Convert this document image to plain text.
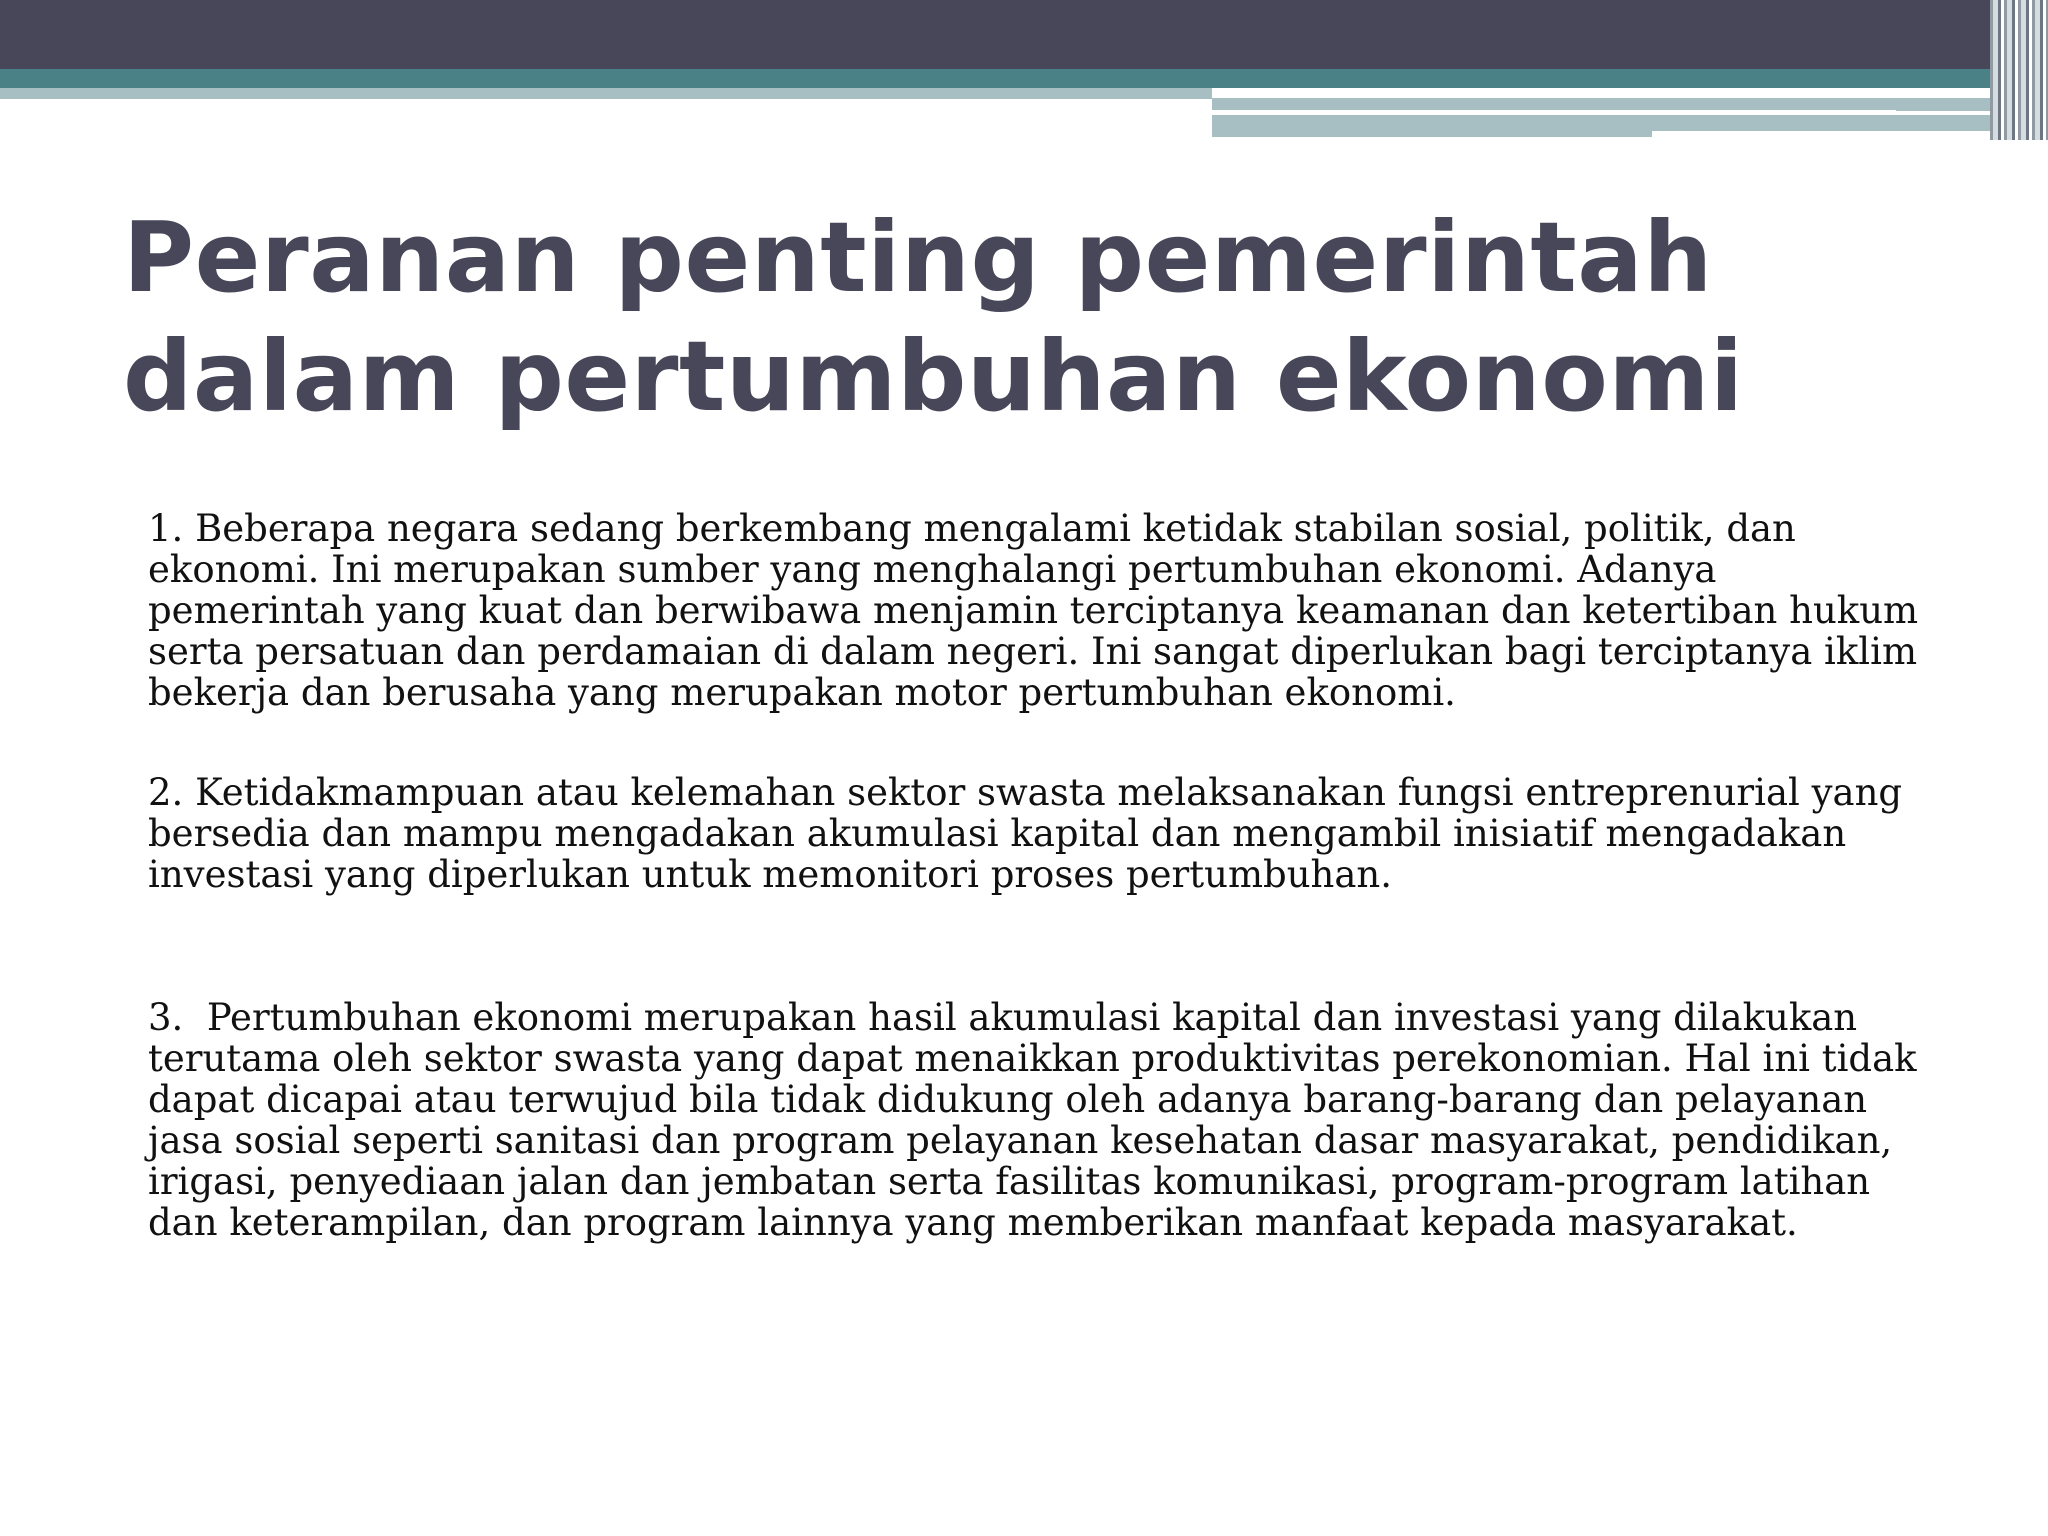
Peranan penting pemerintah dalam pertumbuhan ekonomi

1. Beberapa negara sedang berkembang mengalami ketidak stabilan sosial, politik, dan ekonomi. Ini merupakan sumber yang menghalangi pertumbuhan ekonomi. Adanya pemerintah yang kuat dan berwibawa menjamin terciptanya keamanan dan ketertiban hukum serta persatuan dan perdamaian di dalam negeri. Ini sangat diperlukan bagi terciptanya iklim bekerja dan berusaha yang merupakan motor pertumbuhan ekonomi.

2. Ketidakmampuan atau kelemahan sektor swasta melaksanakan fungsi entreprenurial yang bersedia dan mampu mengadakan akumulasi kapital dan mengambil inisiatif mengadakan investasi yang diperlukan untuk memonitori proses pertumbuhan.

3.  Pertumbuhan ekonomi merupakan hasil akumulasi kapital dan investasi yang dilakukan terutama oleh sektor swasta yang dapat menaikkan produktivitas perekonomian. Hal ini tidak dapat dicapai atau terwujud bila tidak didukung oleh adanya barang-barang dan pelayanan jasa sosial seperti sanitasi dan program pelayanan kesehatan dasar masyarakat, pendidikan, irigasi, penyediaan jalan dan jembatan serta fasilitas komunikasi, program-program latihan dan keterampilan, dan program lainnya yang memberikan manfaat kepada masyarakat.
